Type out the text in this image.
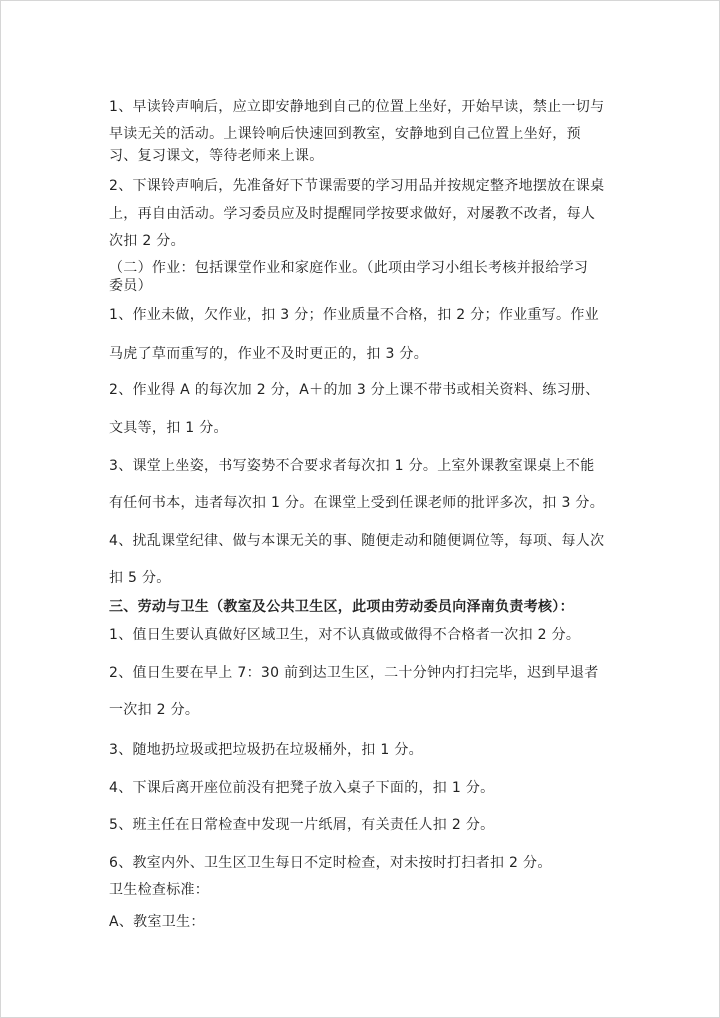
1、早读铃声响后，应立即安静地到自己的位置上坐好，开始早读，禁止一切与
早读无关的活动。上课铃响后快速回到教室，安静地到自己位置上坐好，预
习、复习课文，等待老师来上课。
2、下课铃声响后，先准备好下节课需要的学习用品并按规定整齐地摆放在课桌
上，再自由活动。学习委员应及时提醒同学按要求做好，对屡教不改者，每人
次扣 2 分。
（二）作业：包括课堂作业和家庭作业。（此项由学习小组长考核并报给学习
委员）
1、作业未做，欠作业，扣 3 分；作业质量不合格，扣 2 分；作业重写。作业
马虎了草而重写的，作业不及时更正的，扣 3 分。
2、作业得 A 的每次加 2 分，A＋的加 3 分上课不带书或相关资料、练习册、
文具等，扣 1 分。
3、课堂上坐姿，书写姿势不合要求者每次扣 1 分。上室外课教室课桌上不能
有任何书本，违者每次扣 1 分。在课堂上受到任课老师的批评多次，扣 3 分。
4、扰乱课堂纪律、做与本课无关的事、随便走动和随便调位等，每项、每人次
扣 5 分。
三、劳动与卫生（教室及公共卫生区，此项由劳动委员向泽南负责考核）：
1、值日生要认真做好区域卫生，对不认真做或做得不合格者一次扣 2 分。
2、值日生要在早上 7：30 前到达卫生区，二十分钟内打扫完毕，迟到早退者
一次扣 2 分。
3、随地扔垃圾或把垃圾扔在垃圾桶外，扣 1 分。
4、下课后离开座位前没有把凳子放入桌子下面的，扣 1 分。
5、班主任在日常检查中发现一片纸屑，有关责任人扣 2 分。
6、教室内外、卫生区卫生每日不定时检查，对未按时打扫者扣 2 分。
卫生检查标准：
A、教室卫生：
